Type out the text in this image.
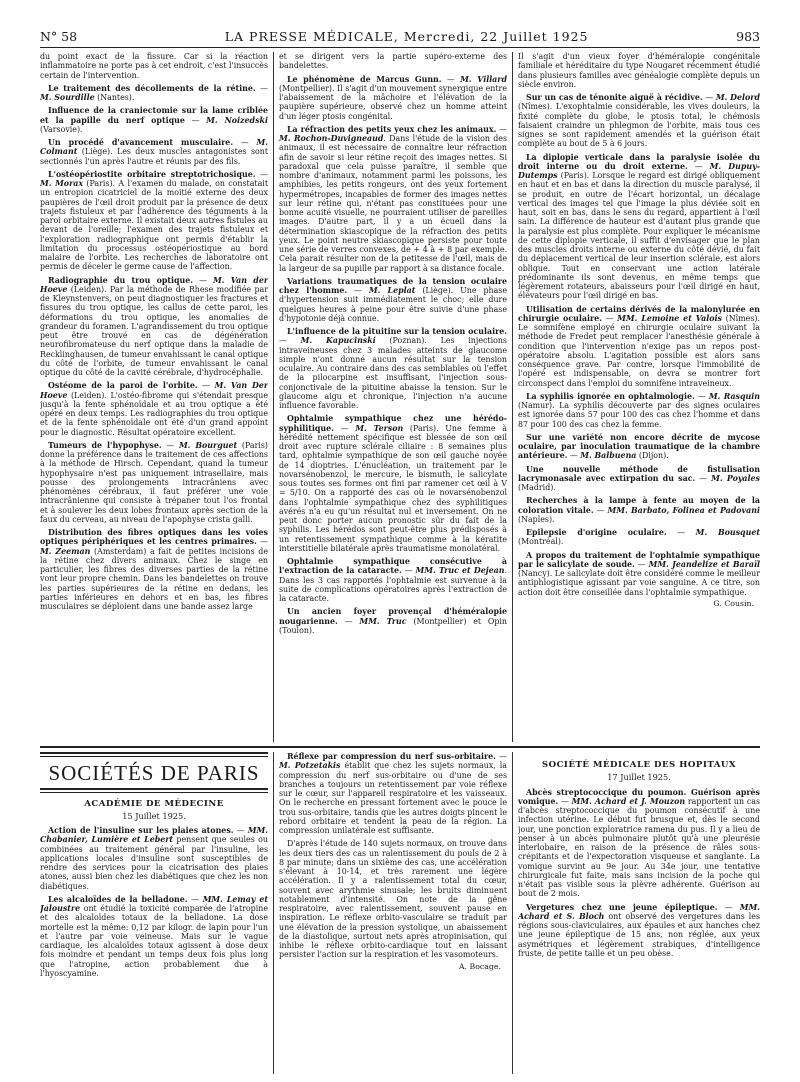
N° 58	LA PRESSE MÉDICALE, Mercredi, 22 Juillet 1925	983

du point exact de la fissure. Car si la réaction inflammatoire ne porte pas à cet endroit, c'est l'insuccès certain de l'intervention.

Le traitement des décollements de la rétine. — M. Sourdille (Nantes).

Influence de la craniectomie sur la lame criblée et la papille du nerf optique — M. Noizedski (Varsovie).

Un procédé d'avancement musculaire. — M. Colmant (Liège). Les deux muscles antagonistes sont sectionnés l'un après l'autre et réunis par des fils.

L'ostéopériostite orbitaire streptotrichosique. — M. Morax (Paris). A l'examen du malade, on constatait un entropion cicatriciel de la moitié externe des deux paupières de l'œil droit produit par la présence de deux trajets fistuleux et par l'adhérence des téguments à la paroi orbitaire externe. Il existait deux autres fistules au devant de l'oreille; l'examen des trajets fistuleux et l'exploration radiographique ont permis d'établir la limitation du processus ostéopériostique au bord malaire de l'orbite. Les recherches de laboratoire ont permis de déceler le germe cause de l'affection.

Radiographie du trou optique. — M. Van der Hoeve (Leiden). Par la méthode de Rhese modifiée par de Kleynstenvers, on peut diagnostiquer les fractures et fissures du trou optique, les callus de cette paroi, les déformations du trou optique, les anomalies de grandeur du foramen. L'agrandissement du trou optique peut être trouvé en cas de dégénération neurofibromateuse du nerf optique dans la maladie de Recklinghausen, de tumeur envahissant le canal optique du côté de l'orbite, de tumeur envahissant le canal optique du côté de la cavité cérébrale, d'hydrocéphalie.

Ostéome de la paroi de l'orbite. — M. Van Der Hoeve (Leiden). L'ostéo-fibrome qui s'étendait presque jusqu'à la fente sphénoïdale et au trou optique a été opéré en deux temps. Les radiographies du trou optique et de la fente sphénoïdale ont été d'un grand appoint pour le diagnostic. Résultat opératoire excellent.

Tumeurs de l'hypophyse. — M. Bourguet (Paris) donne la préférence dans le traitement de ces affections à la méthode de Hirsch. Cependant, quand la tumeur hypophysaire n'est pas uniquement intrasellaire, mais pousse des prolongements intracrâniens avec phénomènes cérébraux, il faut préférer une voie intracrânienne qui consiste à trépaner tout l'os frontal et à soulever les deux lobes frontaux après section de la faux du cerveau, au niveau de l'apophyse crista galli.

Distribution des fibres optiques dans les voies optiques périphériques et les centres primaires. — M. Zeeman (Amsterdam) a fait de petites incisions de la rétine chez divers animaux. Chez le singe en particulier, les fibres des diverses parties de la rétine vont leur propre chemin. Dans les bandelettes on trouve les parties supérieures de la rétine en dedans, les parties inférieures en dehors et en bas, les fibres musculaires se déploient dans une bande assez large

et se dirigent vers la partie supéro-externe des bandelettes.

Le phénomène de Marcus Gunn. — M. Villard (Montpellier). Il s'agit d'un mouvement synergique entre l'abaissement de la mâchoire et l'élévation de la paupière supérieure, observé chez un homme atteint d'un léger ptosis congénital.

La réfraction des petits yeux chez les animaux. — M. Rochon-Duvigneaud. Dans l'étude de la vision des animaux, il est nécessaire de connaître leur réfraction afin de savoir si leur rétine reçoit des images nettes. Si paradoxal que cela puisse paraître, il semble que nombre d'animaux, notamment parmi les poissons, les amphibies, les petits rongeurs, ont des yeux fortement hypermétropes, incapables de former des images nettes sur leur rétine qui, n'étant pas constituées pour une bonne acuité visuelle, ne pourraient utiliser de pareilles images. D'autre part, il y a un écueil dans la détermination skiascopique de la réfraction des petits yeux. Le point neutre skiascopique persiste pour toute une série de verres convexes, de + 4 à + 8 par exemple. Cela parait résulter non de la petitesse de l'œil, mais de la largeur de sa pupille par rapport à sa distance focale.

Variations traumatiques de la tension oculaire chez l'homme. — M. Leplat (Liège). Une phase d'hypertension suit immédiatement le choc; elle dure quelques heures à peine pour être suivie d'une phase d'hypotonie déjà connue.

L'influence de la pituitine sur la tension oculaire. — M. Kapucinski (Poznan). Les injections intraveineuses chez 3 malades atteints de glaucome simple n'ont donné aucun résultat sur la tension oculaire. Au contraire dans des cas semblables où l'effet de la pilocarpine est insuffisant, l'injection sous-conjonctivale de la pituitine abaisse la tension. Sur le glaucome aigu et chronique, l'injection n'a aucune influence favorable.

Ophtalmie sympathique chez une hérédo-syphilitique. — M. Terson (Paris). Une femme à hérédité nettement spécifique est blessée de son œil droit avec rupture sclérale ciliaire : 8 semaines plus tard, ophtalmie sympathique de son œil gauche noyée de 14 dioptries. L'énucléation, un traitement par le novarsénobenzol, le mercure, le bismuth, le salicylate sous toutes ses formes ont fini par ramener cet œil à V = 5/10. On a rapporté des cas où le novarsénobenzol dans l'ophtalmie sympathique chez des syphilitiques avérés n'a eu qu'un résultat nul et inversement. On ne peut donc porter aucun pronostic sûr du fait de la syphilis. Les hérédos sont peut-être plus prédisposés à un retentissement sympathique comme à la kératite interstitielle bilatérale après traumatisme monolatéral.

Ophtalmie sympathique consécutive à l'extraction de la cataracte. — MM. Truc et Dejean. Dans les 3 cas rapportés l'ophtalmie est survenue à la suite de complications opératoires après l'extraction de la cataracte.

Un ancien foyer provençal d'héméralopie nougarienne. — MM. Truc (Montpellier) et Opin (Toulon).

Il s'agit d'un vieux foyer d'héméralopie congénitale familiale et héréditaire du type Nougaret récemment étudié dans plusieurs familles avec généalogie complète depuis un siècle environ.

Sur un cas de ténonite aiguë à récidive. — M. Delord (Nîmes). L'exophtalmie considérable, les vives douleurs, la fixité complète du globe, le ptosis total, le chémosis faisaient craindre un phlegmon de l'orbite, mais tous ces signes se sont rapidement amendés et la guérison était complète au bout de 5 à 6 jours.

La diplopie verticale dans la paralysie isolée du droit interne ou du droit externe. — M. Dupuy-Dutemps (Paris). Lorsque le regard est dirigé obliquement en haut et en bas et dans la direction du muscle paralysé, il se produit, en outre de l'écart horizontal, un décalage vertical des images tel que l'image la plus déviée soit en haut, soit en bas, dans le sens du regard, appartient à l'œil sain. La différence de hauteur est d'autant plus grande que la paralysie est plus complète. Pour expliquer le mécanisme de cette diplopie verticale, il suffit d'envisager que le plan des muscles droits interne ou externe du côté dévié, du fait du déplacement vertical de leur insertion sclérale, est alors oblique. Tout en conservant une action latérale prédominante ils sont devenus, en même temps que légèrement rotateurs, abaisseurs pour l'œil dirigé en haut, élévateurs pour l'œil dirigé en bas.

Utilisation de certains dérivés de la malonylurée en chirurgie oculaire. — MM. Lemoine et Valois (Nîmes). Le somnifène employé en chirurgie oculaire suivant la méthode de Fredet peut remplacer l'anesthésie générale à condition que l'intervention n'exige pas un repos post-opératoire absolu. L'agitation possible est alors sans conséquence grave. Par contre, lorsque l'immobilité de l'opéré est indispensable, on devra se montrer fort circonspect dans l'emploi du somnifène intraveineux.

La syphilis ignorée en ophtalmologie. — M. Rasquin (Namur). La syphilis découverte par des signes oculaires est ignorée dans 57 pour 100 des cas chez l'homme et dans 87 pour 100 des cas chez la femme.

Sur une variété non encore décrite de mycose oculaire, par inoculation traumatique de la chambre antérieure. — M. Balbuena (Dijon).

Une nouvelle méthode de fistulisation lacrymonasale avec extirpation du sac. — M. Poyales (Madrid).

Recherches à la lampe à fente au moyen de la coloration vitale. — MM. Barbato, Folinea et Padovani (Naples).

Epilepsie d'origine oculaire. — M. Bousquet (Montréal).

A propos du traitement de l'ophtalmie sympathique par le salicylate de soude. — MM. Jeandelize et Baraïl (Nancy). Le salicylate doit être considéré comme le meilleur antiphlogistique agissant par voie sanguine. A ce titre, son action doit être conseillée dans l'ophtalmie sympathique.

G. Cousin.
SOCIÉTÉS DE PARIS
ACADÉMIE DE MÉDECINE
15 Juillet 1925.

Action de l'insuline sur les plaies atones. — MM. Chabanier, Lumière et Lebert pensent que seules ou combinées au traitement général par l'insuline, les applications locales d'insuline sont susceptibles de rendre des services pour la cicatrisation des plaies atones, aussi bien chez les diabétiques que chez les non diabétiques.

Les alcaloïdes de la belladone. — MM. Lemay et Jaloustre ont étudié la toxicité comparée de l'atropine et des alcaloïdes totaux de la belladone. La dose mortelle est la même: 0,12 par kilogr. de lapin pour l'un et l'autre par voie veineuse. Mais sur le vague cardiaque, les alcaloïdes totaux agissent à dose deux fois moindre et pendant un temps deux fois plus long que l'atropine, action probablement due à l'hyoscyamine.

Réflexe par compression du nerf sus-orbitaire. — M. Potzetakis établit que chez les sujets normaux, la compression du nerf sus-orbitaire ou d'une de ses branches a toujours un retentissement par voie réflexe sur le cœur, sur l'appareil respiratoire et les vaisseaux. On le recherche en pressant fortement avec le pouce le trou sus-orbitaire, tandis que les autres doigts pincent le rebord orbitaire et tendent la peau de la région. La compression unilatérale est suffisante.

D'après l'étude de 140 sujets normaux, on trouve dans les deux tiers des cas un ralentissement du pouls de 2 à 8 par minute; dans un sixième des cas, une accélération s'élevant à 10-14, et très rarement une légère accélération. Il y a ralentissement total du cœur, souvent avec arythmie sinusale; les bruits diminuent notablement d'intensité. On note de la gêne respiratoire, avec ralentissement, souvent pause en inspiration. Le réflexe orbito-vasculaire se traduit par une élévation de la pression systolique, un abaissement de la diastolique, surtout nets après atropinisation, qui inhibe le réflexe orbito-cardiaque tout en laissant persister l'action sur la respiration et les vasomoteurs.

A. Bocage.
SOCIÉTÉ MÉDICALE DES HOPITAUX
17 Juillet 1925.

Abcès streptococcique du poumon. Guérison après vomique. — MM. Achard et J. Mouzon rapportent un cas d'abcès streptococcique du poumon consécutif à une infection utérine. Le début fut brusque et, dès le second jour, une ponction exploratrice ramena du pus. Il y a lieu de penser à un abcès pulmonaire plutôt qu'à une pleurésie interlobaire, en raison de la présence de râles sous-crépitants et de l'expectoration visqueuse et sanglante. La vomique survint au 9e jour. Au 34e jour, une tentative chirurgicale fut faite, mais sans incision de la poche qui n'était pas visible sous la plèvre adhérente. Guérison au bout de 2 mois.

Vergetures chez une jeune épileptique. — MM. Achard et S. Bloch ont observé des vergetures dans les régions sous-claviculaires, aux épaules et aux hanches chez une jeune épileptique de 15 ans, non réglée, aux yeux asymétriques et légèrement strabiques, d'intelligence fruste, de petite taille et un peu obèse.
